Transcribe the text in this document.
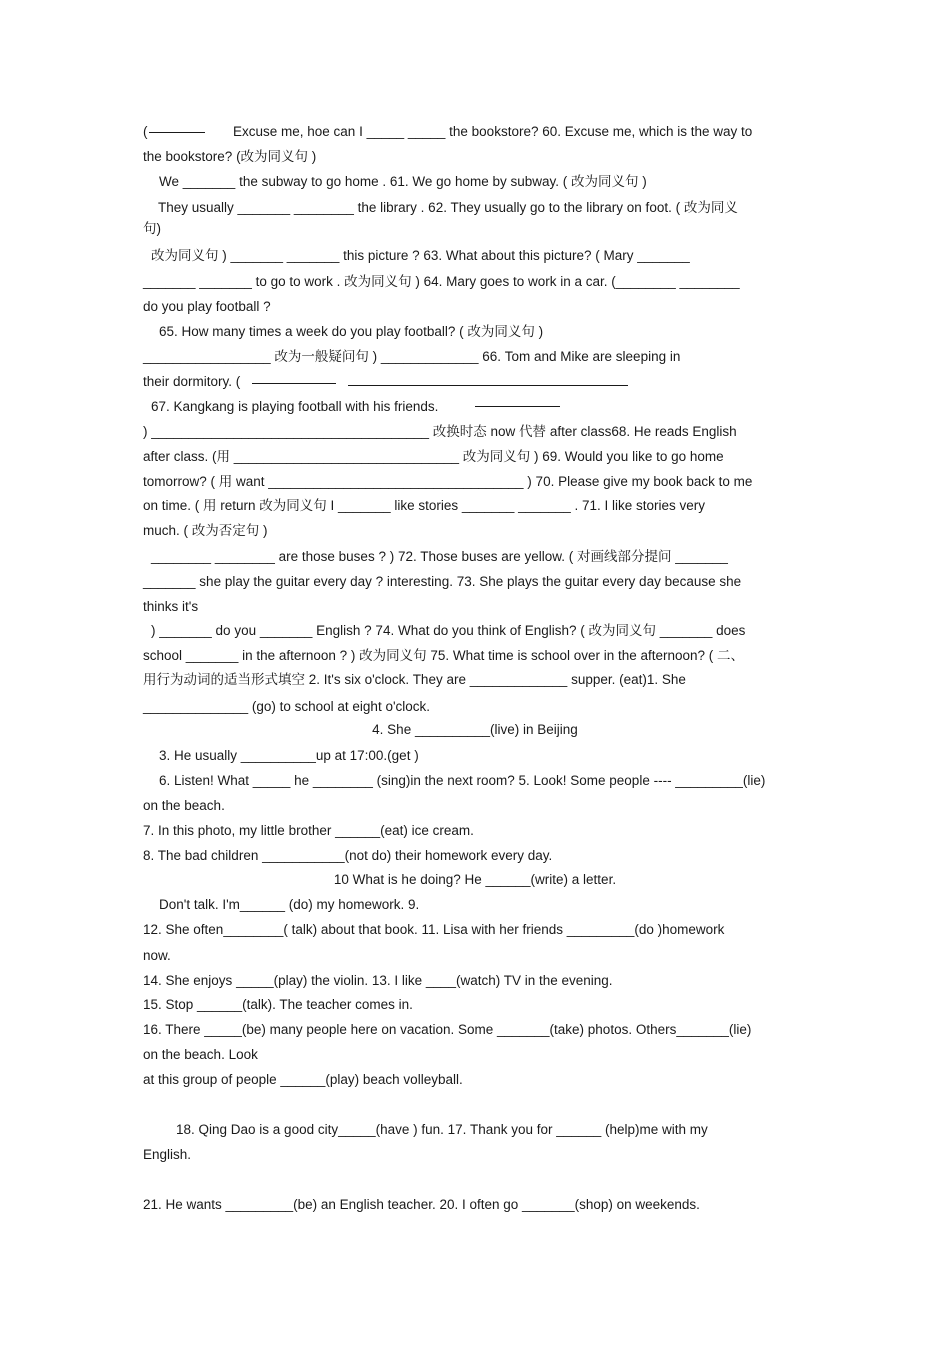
(	Excuse me, hoe can I _____ _____ the bookstore? 60. Excuse me, which is the way to
the bookstore? (改为同义句 )
We _______ the subway to go home . 61. We go home by subway. ( 改为同义句 )
They usually _______ ________ the library . 62. They usually go to the library on foot. ( 改为同义
句)
改为同义句 ) _______ _______ this picture ? 63. What about this picture? ( Mary _______
_______ _______ to go to work . 改为同义句 ) 64. Mary goes to work in a car. (________ ________
do you play football ?
65. How many times a week do you play football? ( 改为同义句 )
_________________ 改为一般疑问句 ) _____________ 66. Tom and Mike are sleeping in
their dormitory. (
67. Kangkang is playing football with his friends.
) _____________________________________ 改换时态 now 代替 after class68. He reads English
after class. (用 ______________________________ 改为同义句 ) 69. Would you like to go home
tomorrow? ( 用 want __________________________________ ) 70. Please give my book back to me
on time. ( 用 return 改为同义句 I _______ like stories _______ _______ . 71. I like stories very
much. ( 改为否定句 )
________ ________ are those buses ? ) 72. Those buses are yellow. ( 对画线部分提问 _______
_______ she play the guitar every day ? interesting. 73. She plays the guitar every day because she
thinks it's
) _______ do you _______ English ? 74. What do you think of English? ( 改为同义句 _______ does
school _______ in the afternoon ? ) 改为同义句 75. What time is school over in the afternoon? ( 二、
用行为动词的适当形式填空 2. It's six o'clock. They are _____________ supper. (eat)1. She
______________ (go) to school at eight o'clock.
4. She __________(live) in Beijing
3. He usually __________up at 17:00.(get )
6. Listen! What _____ he ________ (sing)in the next room? 5. Look! Some people ---- _________(lie)
on the beach.
7. In this photo, my little brother ______(eat) ice cream.
8. The bad children ___________(not do) their homework every day.
10 What is he doing? He ______(write) a letter.
Don't talk. I'm______ (do) my homework. 9.
12. She often________( talk) about that book. 11. Lisa with her friends _________(do )homework
now.
14. She enjoys _____(play) the violin. 13. I like ____(watch) TV in the evening.
15. Stop ______(talk). The teacher comes in.
16. There _____(be) many people here on vacation. Some _______(take) photos. Others_______(lie)
on the beach. Look
at this group of people ______(play) beach volleyball.
18. Qing Dao is a good city_____(have ) fun. 17. Thank you for ______ (help)me with my
English.
21. He wants _________(be) an English teacher. 20. I often go _______(shop) on weekends.
